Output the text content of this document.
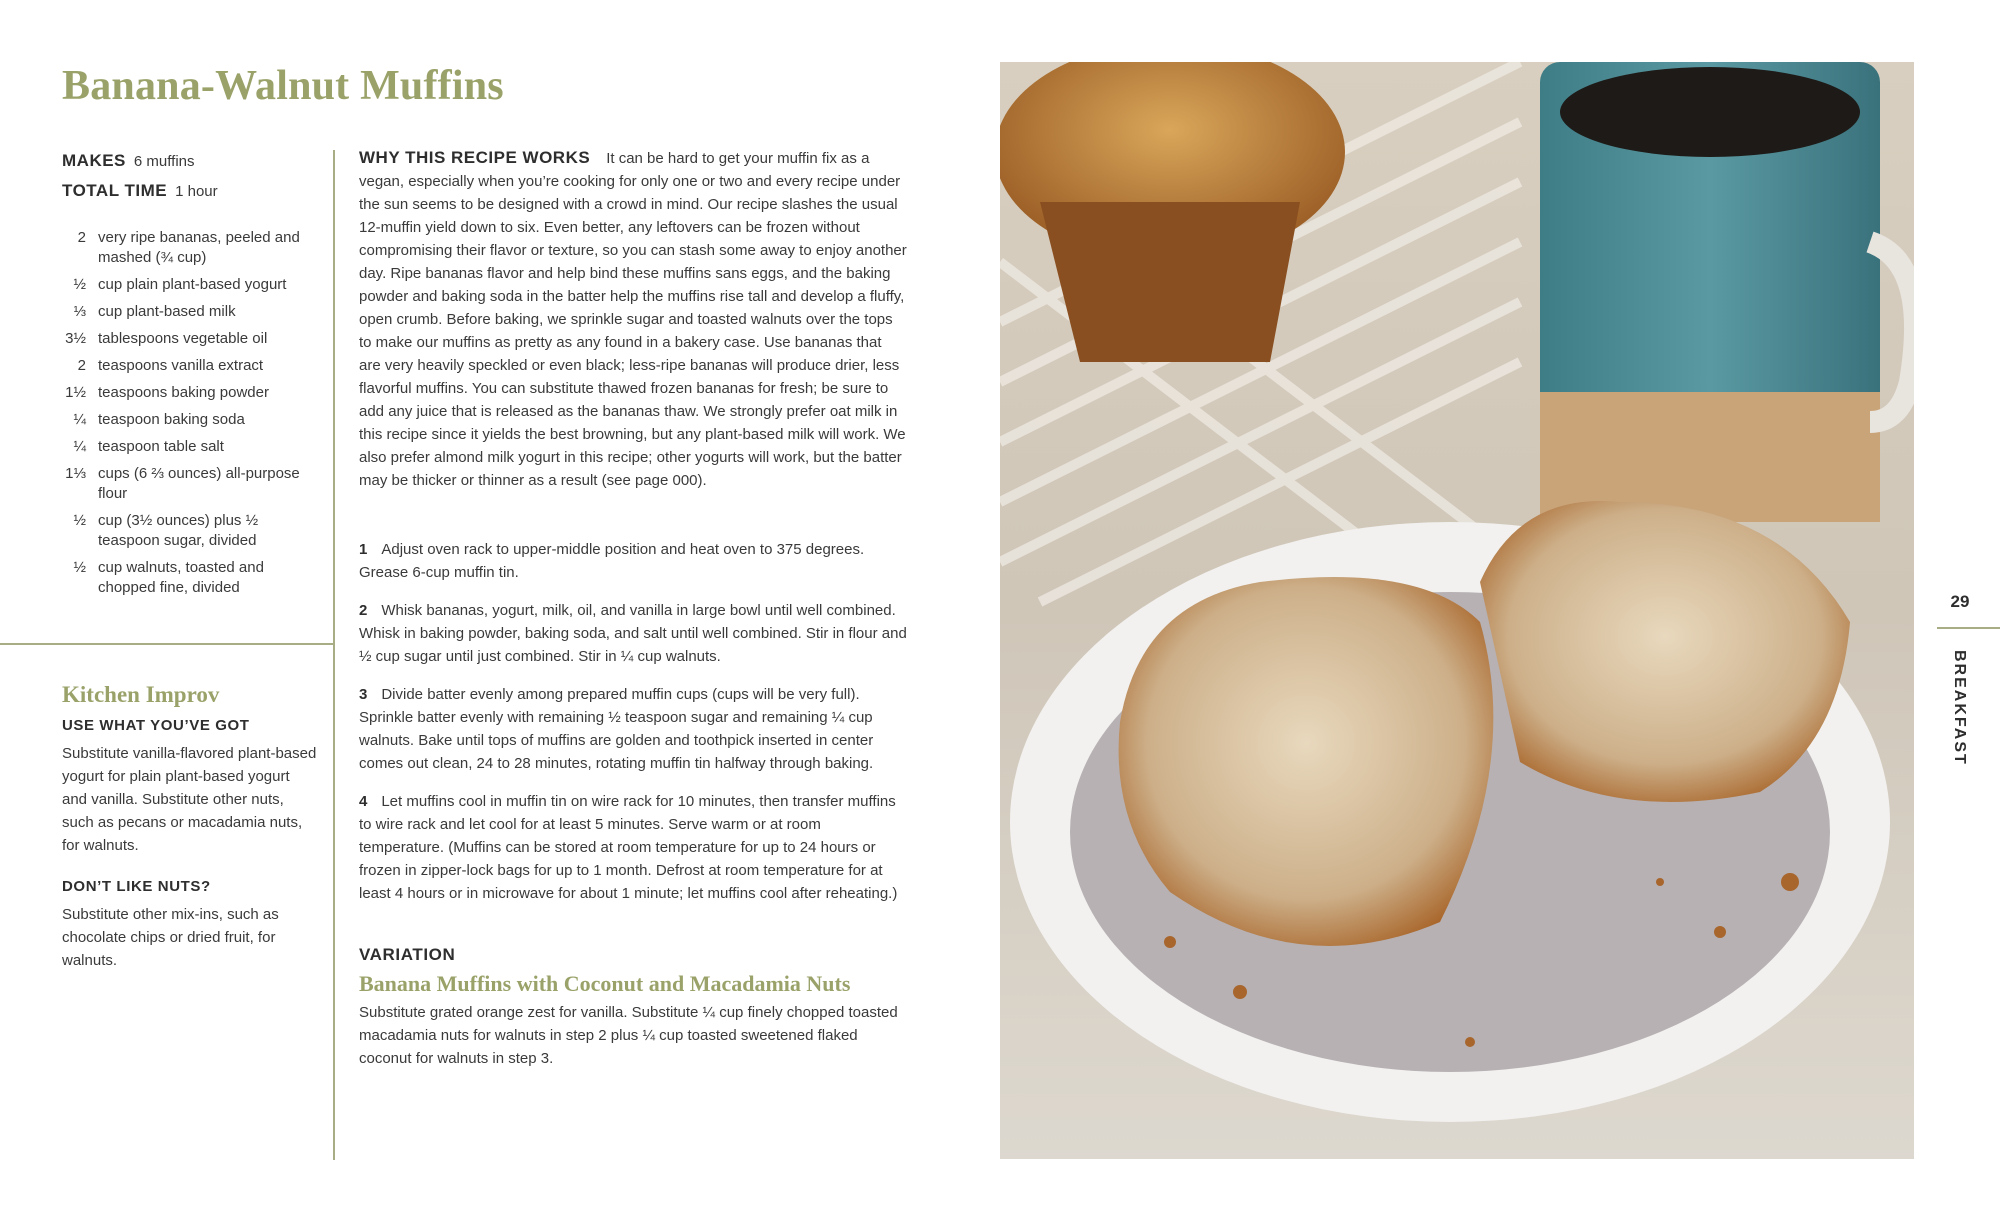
Banana-Walnut Muffins
MAKES 6 muffins
TOTAL TIME 1 hour
2 very ripe bananas, peeled and mashed (¾ cup)
½ cup plain plant-based yogurt
⅓ cup plant-based milk
3½ tablespoons vegetable oil
2 teaspoons vanilla extract
1½ teaspoons baking powder
¼ teaspoon baking soda
¼ teaspoon table salt
1⅓ cups (6 ⅔ ounces) all-purpose flour
½ cup (3½ ounces) plus ½ teaspoon sugar, divided
½ cup walnuts, toasted and chopped fine, divided
Kitchen Improv
USE WHAT YOU’VE GOT

Substitute vanilla-flavored plant-based yogurt for plain plant-based yogurt and vanilla. Substitute other nuts, such as pecans or macadamia nuts, for walnuts.

DON’T LIKE NUTS?

Substitute other mix-ins, such as chocolate chips or dried fruit, for walnuts.

WHY THIS RECIPE WORKS It can be hard to get your muffin fix as a vegan, especially when you’re cooking for only one or two and every recipe under the sun seems to be designed with a crowd in mind. Our recipe slashes the usual 12-muffin yield down to six. Even better, any leftovers can be frozen without compromising their flavor or texture, so you can stash some away to enjoy another day. Ripe bananas flavor and help bind these muffins sans eggs, and the baking powder and baking soda in the batter help the muffins rise tall and develop a fluffy, open crumb. Before baking, we sprinkle sugar and toasted walnuts over the tops to make our muffins as pretty as any found in a bakery case. Use bananas that are very heavily speckled or even black; less-ripe bananas will produce drier, less flavorful muffins. You can substitute thawed frozen bananas for fresh; be sure to add any juice that is released as the bananas thaw. We strongly prefer oat milk in this recipe since it yields the best browning, but any plant-based milk will work. We also prefer almond milk yogurt in this recipe; other yogurts will work, but the batter may be thicker or thinner as a result (see page 000).

1 Adjust oven rack to upper-middle position and heat oven to 375 degrees. Grease 6-cup muffin tin.
2 Whisk bananas, yogurt, milk, oil, and vanilla in large bowl until well combined. Whisk in baking powder, baking soda, and salt until well combined. Stir in flour and ½ cup sugar until just combined. Stir in ¼ cup walnuts.
3 Divide batter evenly among prepared muffin cups (cups will be very full). Sprinkle batter evenly with remaining ½ teaspoon sugar and remaining ¼ cup walnuts. Bake until tops of muffins are golden and toothpick inserted in center comes out clean, 24 to 28 minutes, rotating muffin tin halfway through baking.
4 Let muffins cool in muffin tin on wire rack for 10 minutes, then transfer muffins to wire rack and let cool for at least 5 minutes. Serve warm or at room temperature. (Muffins can be stored at room temperature for up to 24 hours or frozen in zipper-lock bags for up to 1 month. Defrost at room temperature for at least 4 hours or in microwave for about 1 minute; let muffins cool after reheating.)
VARIATION
Banana Muffins with Coconut and Macadamia Nuts

Substitute grated orange zest for vanilla. Substitute ¼ cup finely chopped toasted macadamia nuts for walnuts in step 2 plus ¼ cup toasted sweetened flaked coconut for walnuts in step 3.

29
BREAKFAST
